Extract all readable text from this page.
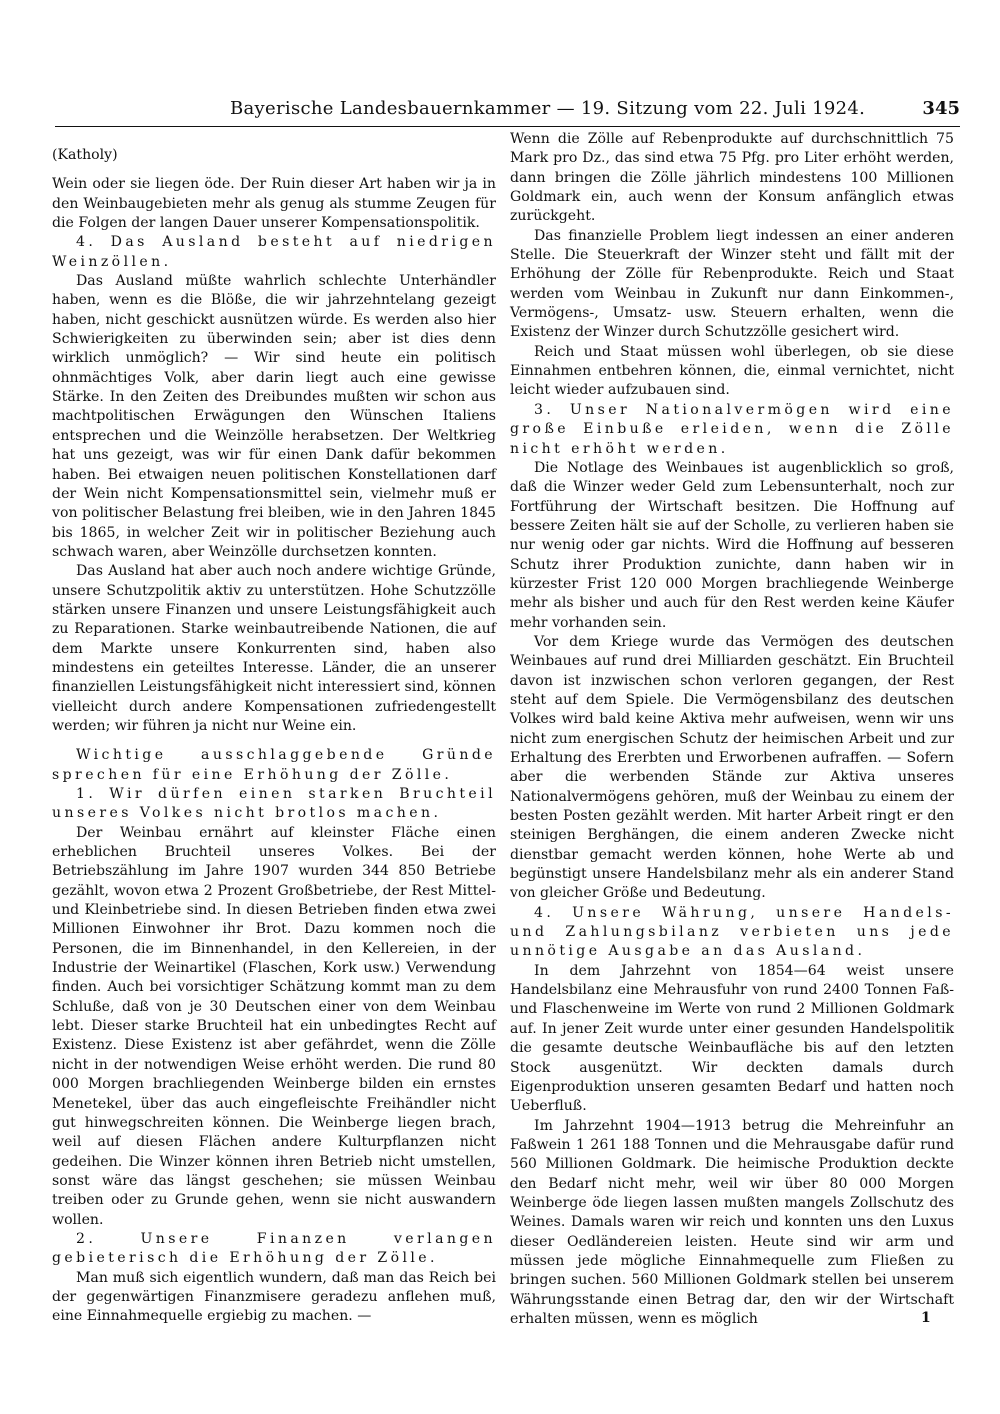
Bayerische Landesbauernkammer — 19. Sitzung vom 22. Juli 1924.	345

(Katholy)

Wein oder sie liegen öde. Der Ruin dieser Art haben wir ja in den Weinbaugebieten mehr als genug als stumme Zeugen für die Folgen der langen Dauer unserer Kompensationspolitik.

4. Das Ausland besteht auf niedrigen Weinzöllen.

Das Ausland müßte wahrlich schlechte Unterhändler haben, wenn es die Blöße, die wir jahrzehntelang gezeigt haben, nicht geschickt ausnützen würde. Es werden also hier Schwierigkeiten zu überwinden sein; aber ist dies denn wirklich unmöglich? — Wir sind heute ein politisch ohnmächtiges Volk, aber darin liegt auch eine gewisse Stärke. In den Zeiten des Dreibundes mußten wir schon aus machtpolitischen Erwägungen den Wünschen Italiens entsprechen und die Weinzölle herabsetzen. Der Weltkrieg hat uns gezeigt, was wir für einen Dank dafür bekommen haben. Bei etwaigen neuen politischen Konstellationen darf der Wein nicht Kompensationsmittel sein, vielmehr muß er von politischer Belastung frei bleiben, wie in den Jahren 1845 bis 1865, in welcher Zeit wir in politischer Beziehung auch schwach waren, aber Weinzölle durchsetzen konnten.

Das Ausland hat aber auch noch andere wichtige Gründe, unsere Schutzpolitik aktiv zu unterstützen. Hohe Schutzzölle stärken unsere Finanzen und unsere Leistungsfähigkeit auch zu Reparationen. Starke weinbautreibende Nationen, die auf dem Markte unsere Konkurrenten sind, haben also mindestens ein geteiltes Interesse. Länder, die an unserer finanziellen Leistungsfähigkeit nicht interessiert sind, können vielleicht durch andere Kompensationen zufriedengestellt werden; wir führen ja nicht nur Weine ein.

Wichtige ausschlaggebende Gründe sprechen für eine Erhöhung der Zölle.

1. Wir dürfen einen starken Bruchteil unseres Volkes nicht brotlos machen.

Der Weinbau ernährt auf kleinster Fläche einen erheblichen Bruchteil unseres Volkes. Bei der Betriebszählung im Jahre 1907 wurden 344 850 Betriebe gezählt, wovon etwa 2 Prozent Großbetriebe, der Rest Mittel- und Kleinbetriebe sind. In diesen Betrieben finden etwa zwei Millionen Einwohner ihr Brot. Dazu kommen noch die Personen, die im Binnenhandel, in den Kellereien, in der Industrie der Weinartikel (Flaschen, Kork usw.) Verwendung finden. Auch bei vorsichtiger Schätzung kommt man zu dem Schluße, daß von je 30 Deutschen einer von dem Weinbau lebt. Dieser starke Bruchteil hat ein unbedingtes Recht auf Existenz. Diese Existenz ist aber gefährdet, wenn die Zölle nicht in der notwendigen Weise erhöht werden. Die rund 80 000 Morgen brachliegenden Weinberge bilden ein ernstes Menetekel, über das auch eingefleischte Freihändler nicht gut hinwegschreiten können. Die Weinberge liegen brach, weil auf diesen Flächen andere Kulturpflanzen nicht gedeihen. Die Winzer können ihren Betrieb nicht umstellen, sonst wäre das längst geschehen; sie müssen Weinbau treiben oder zu Grunde gehen, wenn sie nicht auswandern wollen.

2. Unsere Finanzen verlangen gebieterisch die Erhöhung der Zölle.

Man muß sich eigentlich wundern, daß man das Reich bei der gegenwärtigen Finanzmisere geradezu anflehen muß, eine Einnahmequelle ergiebig zu machen. —

Wenn die Zölle auf Rebenprodukte auf durchschnittlich 75 Mark pro Dz., das sind etwa 75 Pfg. pro Liter erhöht werden, dann bringen die Zölle jährlich mindestens 100 Millionen Goldmark ein, auch wenn der Konsum anfänglich etwas zurückgeht.

Das finanzielle Problem liegt indessen an einer anderen Stelle. Die Steuerkraft der Winzer steht und fällt mit der Erhöhung der Zölle für Rebenprodukte. Reich und Staat werden vom Weinbau in Zukunft nur dann Einkommen-, Vermögens-, Umsatz- usw. Steuern erhalten, wenn die Existenz der Winzer durch Schutzzölle gesichert wird.

Reich und Staat müssen wohl überlegen, ob sie diese Einnahmen entbehren können, die, einmal vernichtet, nicht leicht wieder aufzubauen sind.

3. Unser Nationalvermögen wird eine große Einbuße erleiden, wenn die Zölle nicht erhöht werden.

Die Notlage des Weinbaues ist augenblicklich so groß, daß die Winzer weder Geld zum Lebensunterhalt, noch zur Fortführung der Wirtschaft besitzen. Die Hoffnung auf bessere Zeiten hält sie auf der Scholle, zu verlieren haben sie nur wenig oder gar nichts. Wird die Hoffnung auf besseren Schutz ihrer Produktion zunichte, dann haben wir in kürzester Frist 120 000 Morgen brachliegende Weinberge mehr als bisher und auch für den Rest werden keine Käufer mehr vorhanden sein.

Vor dem Kriege wurde das Vermögen des deutschen Weinbaues auf rund drei Milliarden geschätzt. Ein Bruchteil davon ist inzwischen schon verloren gegangen, der Rest steht auf dem Spiele. Die Vermögensbilanz des deutschen Volkes wird bald keine Aktiva mehr aufweisen, wenn wir uns nicht zum energischen Schutz der heimischen Arbeit und zur Erhaltung des Ererbten und Erworbenen aufraffen. — Sofern aber die werbenden Stände zur Aktiva unseres Nationalvermögens gehören, muß der Weinbau zu einem der besten Posten gezählt werden. Mit harter Arbeit ringt er den steinigen Berghängen, die einem anderen Zwecke nicht dienstbar gemacht werden können, hohe Werte ab und begünstigt unsere Handelsbilanz mehr als ein anderer Stand von gleicher Größe und Bedeutung.

4. Unsere Währung, unsere Handels- und Zahlungsbilanz verbieten uns jede unnötige Ausgabe an das Ausland.

In dem Jahrzehnt von 1854—64 weist unsere Handelsbilanz eine Mehrausfuhr von rund 2400 Tonnen Faß- und Flaschenweine im Werte von rund 2 Millionen Goldmark auf. In jener Zeit wurde unter einer gesunden Handelspolitik die gesamte deutsche Weinbaufläche bis auf den letzten Stock ausgenützt. Wir deckten damals durch Eigenproduktion unseren gesamten Bedarf und hatten noch Ueberfluß.

Im Jahrzehnt 1904—1913 betrug die Mehreinfuhr an Faßwein 1 261 188 Tonnen und die Mehrausgabe dafür rund 560 Millionen Goldmark. Die heimische Produktion deckte den Bedarf nicht mehr, weil wir über 80 000 Morgen Weinberge öde liegen lassen mußten mangels Zollschutz des Weines. Damals waren wir reich und konnten uns den Luxus dieser Oedländereien leisten. Heute sind wir arm und müssen jede mögliche Einnahmequelle zum Fließen zu bringen suchen. 560 Millionen Goldmark stellen bei unserem Währungsstande einen Betrag dar, den wir der Wirtschaft erhalten müssen, wenn es möglich	1
